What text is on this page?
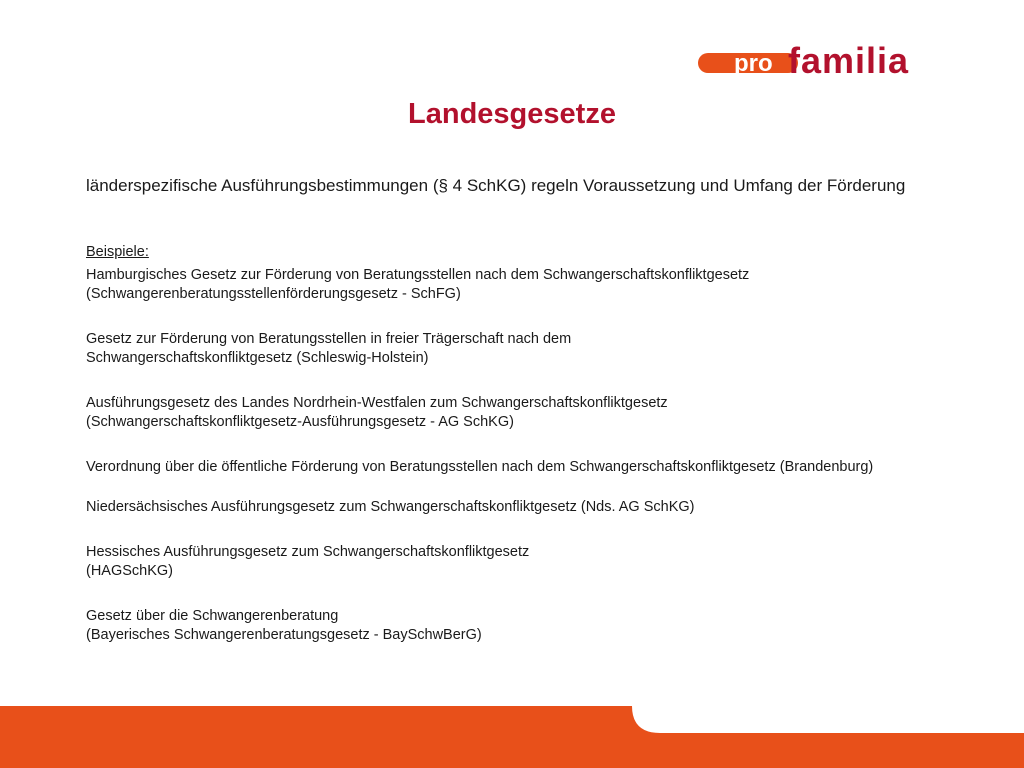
pro familia
Landesgesetze

länderspezifische Ausführungsbestimmungen (§ 4 SchKG) regeln Voraussetzung und Umfang der Förderung

Beispiele:

Hamburgisches Gesetz zur Förderung von Beratungsstellen nach dem Schwangerschaftskonfliktgesetz
(Schwangerenberatungsstellenförderungsgesetz - SchFG)
Gesetz zur Förderung von Beratungsstellen in freier Trägerschaft nach dem
Schwangerschaftskonfliktgesetz (Schleswig-Holstein)
Ausführungsgesetz des Landes Nordrhein-Westfalen zum Schwangerschaftskonfliktgesetz
(Schwangerschaftskonfliktgesetz-Ausführungsgesetz - AG SchKG)
Verordnung über die öffentliche Förderung von Beratungsstellen nach dem Schwangerschaftskonfliktgesetz (Brandenburg)
Niedersächsisches Ausführungsgesetz zum Schwangerschaftskonfliktgesetz (Nds. AG SchKG)
Hessisches Ausführungsgesetz zum Schwangerschaftskonfliktgesetz
(HAGSchKG)
Gesetz über die Schwangerenberatung
(Bayerisches Schwangerenberatungsgesetz - BaySchwBerG)
